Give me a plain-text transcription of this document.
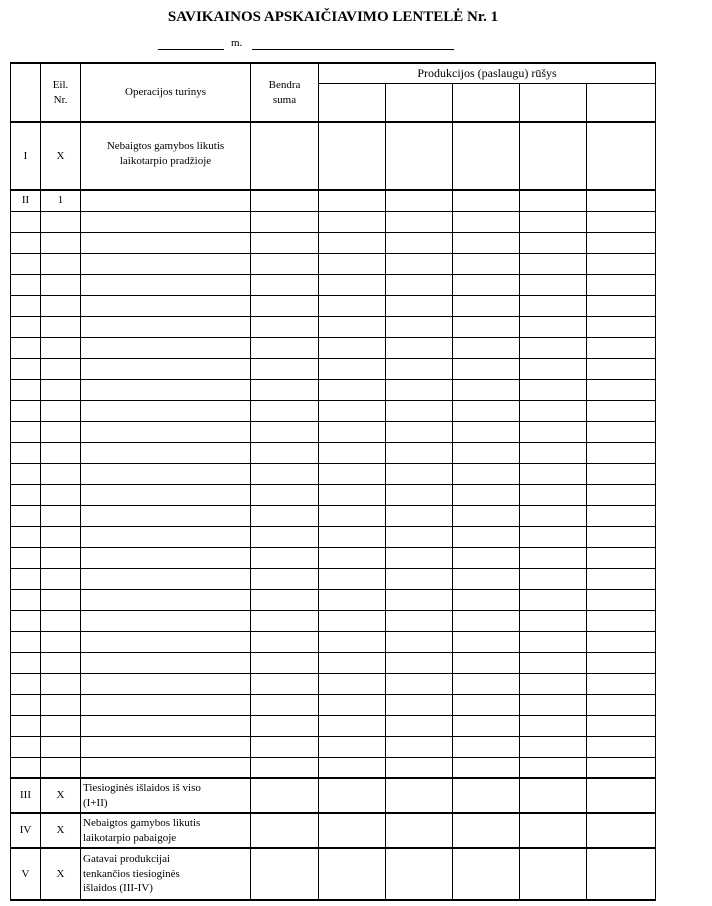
SAVIKAINOS APSKAIČIAVIMO LENTELĖ Nr. 1
m.
	Eil.
Nr.	Operacijos turinys	Bendra
suma	Produkcijos (paslaugu) rūšys				

I	X	Nebaigtos gamybos likutis
laikotarpio pradžioje						
II	1							

III	X	Tiesioginės išlaidos iš viso
(I+II)						
IV	X	Nebaigtos gamybos likutis
laikotarpio pabaigoje						
V	X	Gatavai produkcijai
tenkančios tiesioginės
išlaidos (III-IV)						
